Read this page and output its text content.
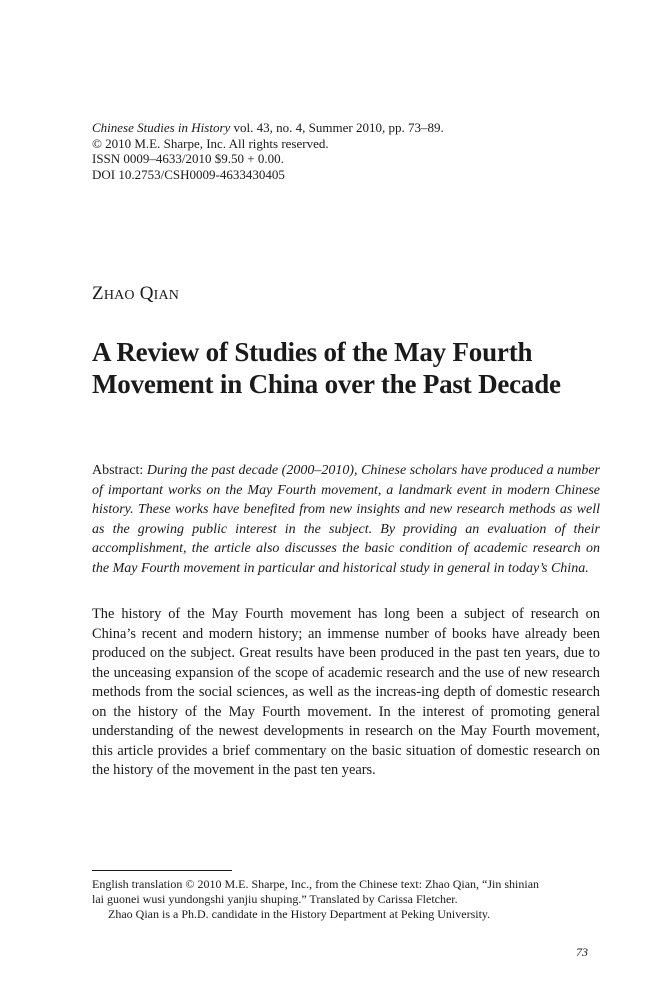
Chinese Studies in History vol. 43, no. 4, Summer 2010, pp. 73–89.
© 2010 M.E. Sharpe, Inc. All rights reserved.
ISSN 0009–4633/2010 $9.50 + 0.00.
DOI 10.2753/CSH0009-4633430405
ZHAO QIAN
A Review of Studies of the May Fourth Movement in China over the Past Decade

Abstract: During the past decade (2000–2010), Chinese scholars have produced a number of important works on the May Fourth movement, a landmark event in modern Chinese history. These works have benefited from new insights and new research methods as well as the growing public interest in the subject. By providing an evaluation of their accomplishment, the article also discusses the basic condition of academic research on the May Fourth movement in particular and historical study in general in today’s China.

The history of the May Fourth movement has long been a subject of research on China’s recent and modern history; an immense number of books have already been produced on the subject. Great results have been produced in the past ten years, due to the unceasing expansion of the scope of academic research and the use of new research methods from the social sciences, as well as the increas-ing depth of domestic research on the history of the May Fourth movement. In the interest of promoting general understanding of the newest developments in research on the May Fourth movement, this article provides a brief commentary on the basic situation of domestic research on the history of the movement in the past ten years.

English translation © 2010 M.E. Sharpe, Inc., from the Chinese text: Zhao Qian, “Jin shinian
lai guonei wusi yundongshi yanjiu shuping.” Translated by Carissa Fletcher.
Zhao Qian is a Ph.D. candidate in the History Department at Peking University.

73
